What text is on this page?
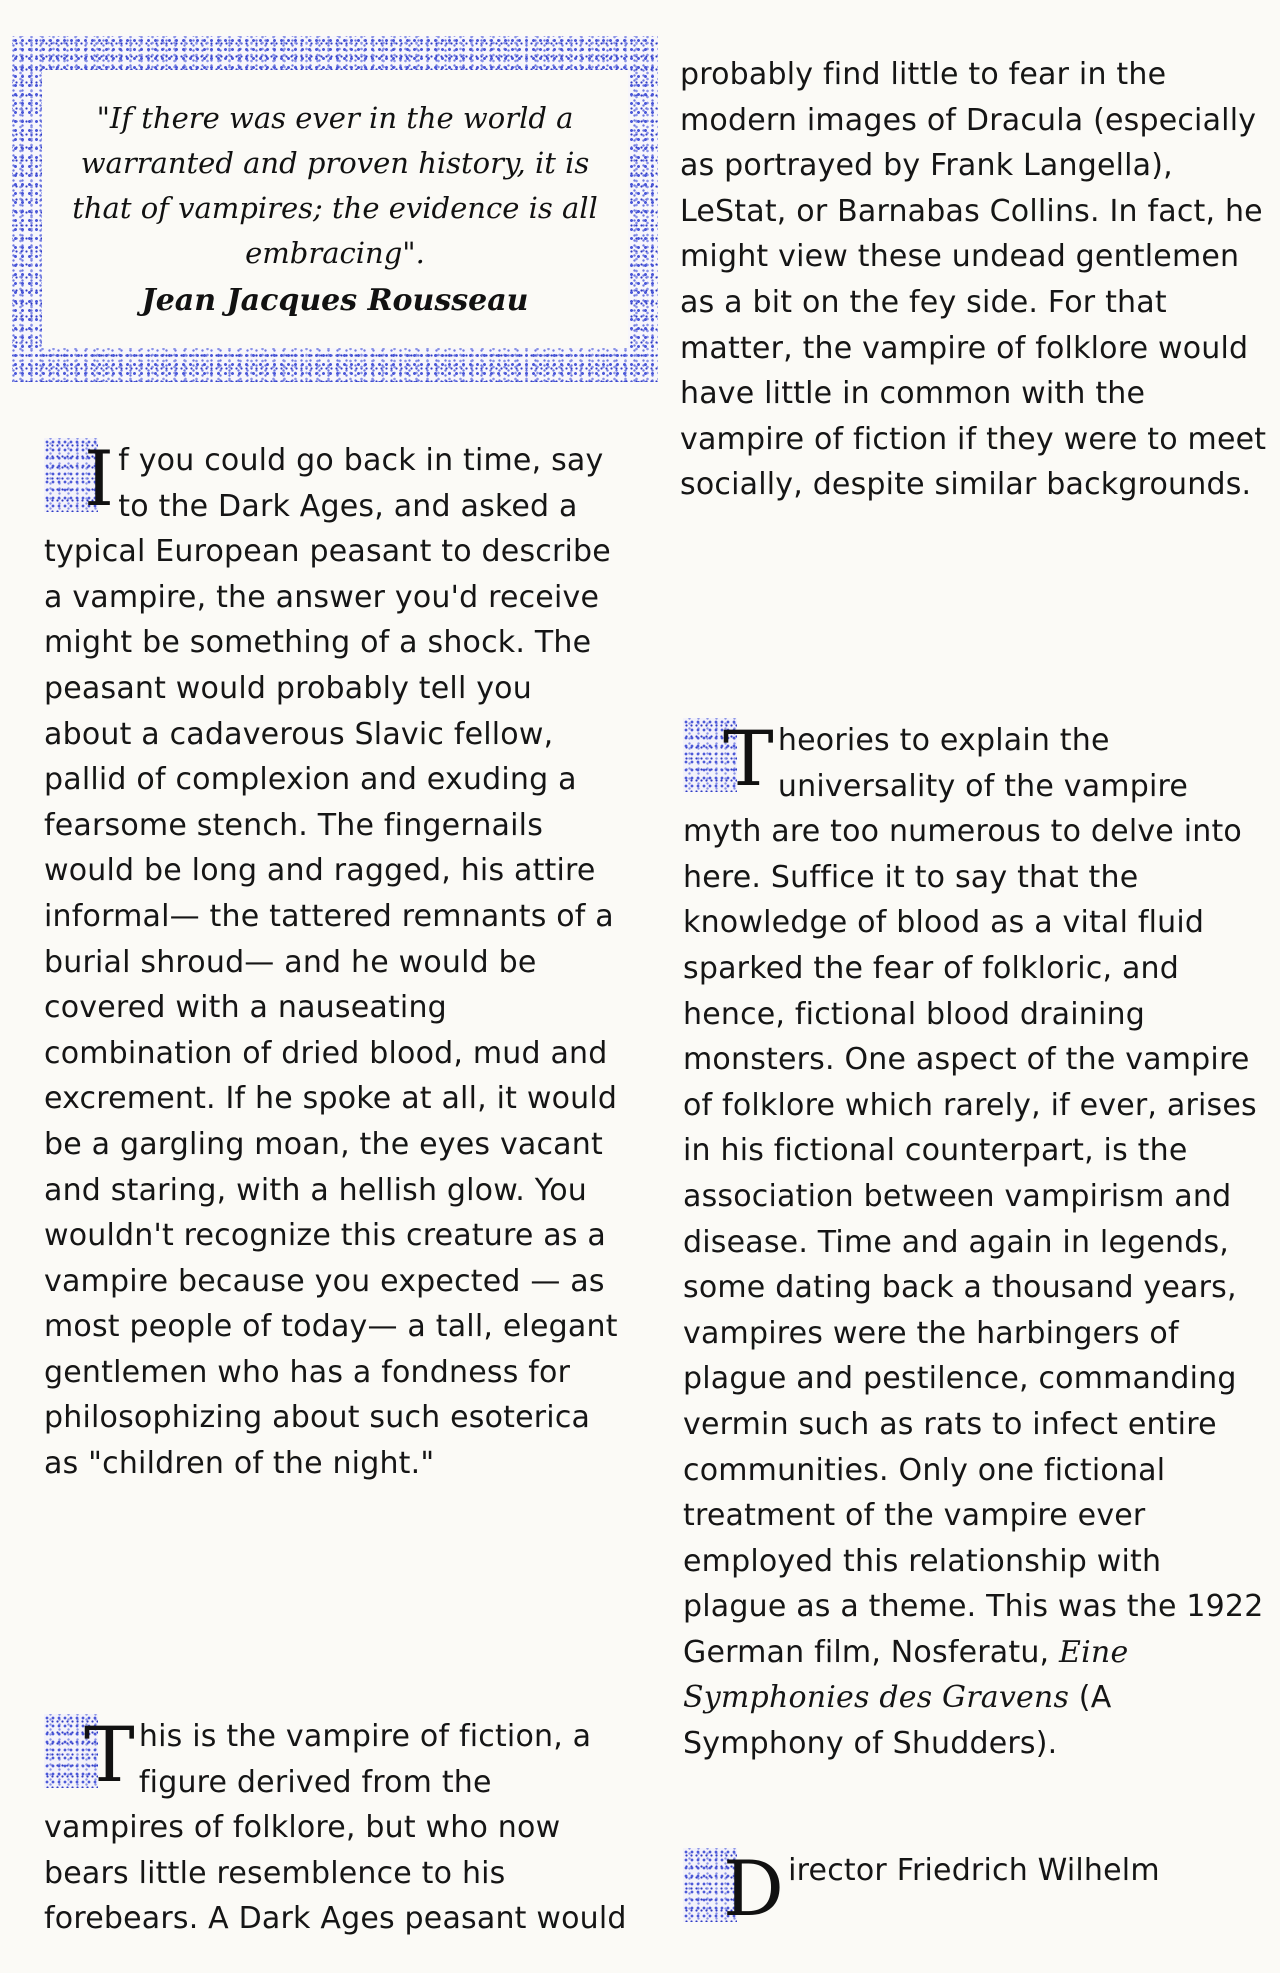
"If there was ever in the world a warranted and proven history, it is that of vampires; the evidence is all embracing".
Jean Jacques Rousseau

I f you could go back in time, say to the Dark Ages, and asked a typical European peasant to describe a vampire, the answer you'd receive might be something of a shock. The peasant would probably tell you about a cadaverous Slavic fellow, pallid of complexion and exuding a fearsome stench. The fingernails would be long and ragged, his attire informal— the tattered remnants of a burial shroud— and he would be covered with a nauseating combination of dried blood, mud and excrement. If he spoke at all, it would be a gargling moan, the eyes vacant and staring, with a hellish glow. You wouldn't recognize this creature as a vampire because you expected — as most people of today— a tall, elegant gentlemen who has a fondness for philosophizing about such esoterica as "children of the night."

T his is the vampire of fiction, a figure derived from the vampires of folklore, but who now bears little resemblence to his forebears. A Dark Ages peasant would

probably find little to fear in the modern images of Dracula (especially as portrayed by Frank Langella), LeStat, or Barnabas Collins. In fact, he might view these undead gentlemen as a bit on the fey side. For that matter, the vampire of folklore would have little in common with the vampire of fiction if they were to meet socially, despite similar backgrounds.

T heories to explain the universality of the vampire myth are too numerous to delve into here. Suffice it to say that the knowledge of blood as a vital fluid sparked the fear of folkloric, and hence, fictional blood draining monsters. One aspect of the vampire of folklore which rarely, if ever, arises in his fictional counterpart, is the association between vampirism and disease. Time and again in legends, some dating back a thousand years, vampires were the harbingers of plague and pestilence, commanding vermin such as rats to infect entire communities. Only one fictional treatment of the vampire ever employed this relationship with plague as a theme. This was the 1922 German film, Nosferatu, Eine Symphonies des Gravens (A Symphony of Shudders).

D irector Friedrich Wilhelm
